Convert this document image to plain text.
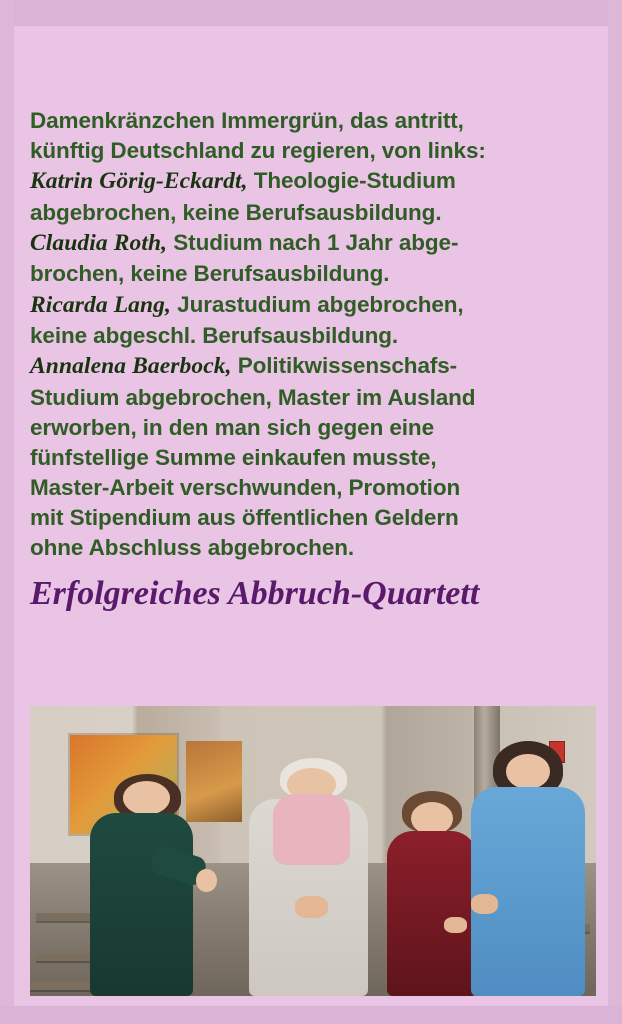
Damenkränzchen Immergrün, das antritt,

künftig Deutschland zu regieren, von links:

Katrin Görig-Eckardt, Theologie-Studium

abgebrochen, keine Berufsausbildung.

Claudia Roth, Studium nach 1 Jahr abge-

brochen, keine Berufsausbildung.

Ricarda Lang, Jurastudium abgebrochen,

keine abgeschl. Berufsausbildung.

Annalena Baerbock, Politikwissenschafs-

Studium abgebrochen, Master im Ausland

erworben, in den man sich gegen eine

fünfstellige Summe einkaufen musste,

Master-Arbeit verschwunden, Promotion

mit Stipendium aus öffentlichen Geldern

ohne Abschluss abgebrochen.

Erfolgreiches Abbruch-Quartett
